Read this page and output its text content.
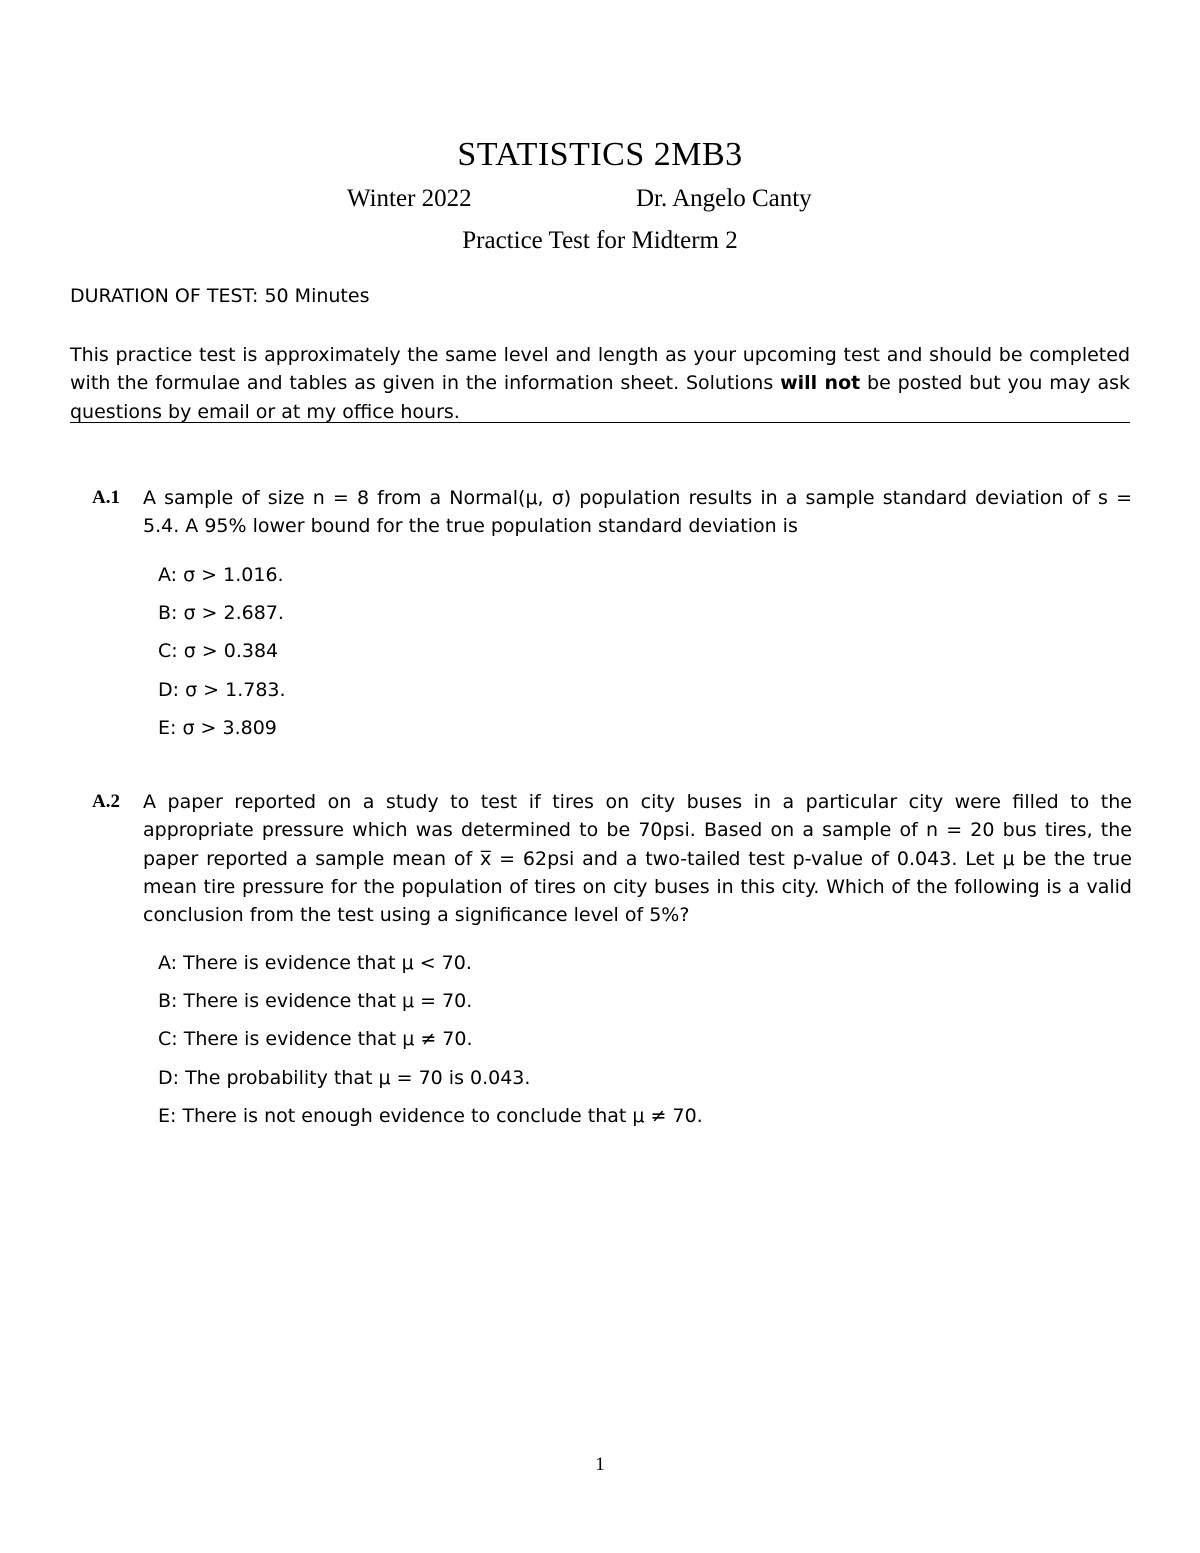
STATISTICS 2MB3
Winter 2022	Dr. Angelo Canty
Practice Test for Midterm 2
DURATION OF TEST: 50 Minutes
This practice test is approximately the same level and length as your upcoming test and should be completed with the formulae and tables as given in the information sheet. Solutions will not be posted but you may ask questions by email or at my office hours.
A.1 A sample of size n = 8 from a Normal(μ, σ) population results in a sample standard deviation of s = 5.4. A 95% lower bound for the true population standard deviation is
A: σ > 1.016.
B: σ > 2.687.
C: σ > 0.384
D: σ > 1.783.
E: σ > 3.809
A.2 A paper reported on a study to test if tires on city buses in a particular city were filled to the appropriate pressure which was determined to be 70psi. Based on a sample of n = 20 bus tires, the paper reported a sample mean of x̅ = 62psi and a two-tailed test p-value of 0.043. Let μ be the true mean tire pressure for the population of tires on city buses in this city. Which of the following is a valid conclusion from the test using a significance level of 5%?
A: There is evidence that μ < 70.
B: There is evidence that μ = 70.
C: There is evidence that μ ≠ 70.
D: The probability that μ = 70 is 0.043.
E: There is not enough evidence to conclude that μ ≠ 70.
1
